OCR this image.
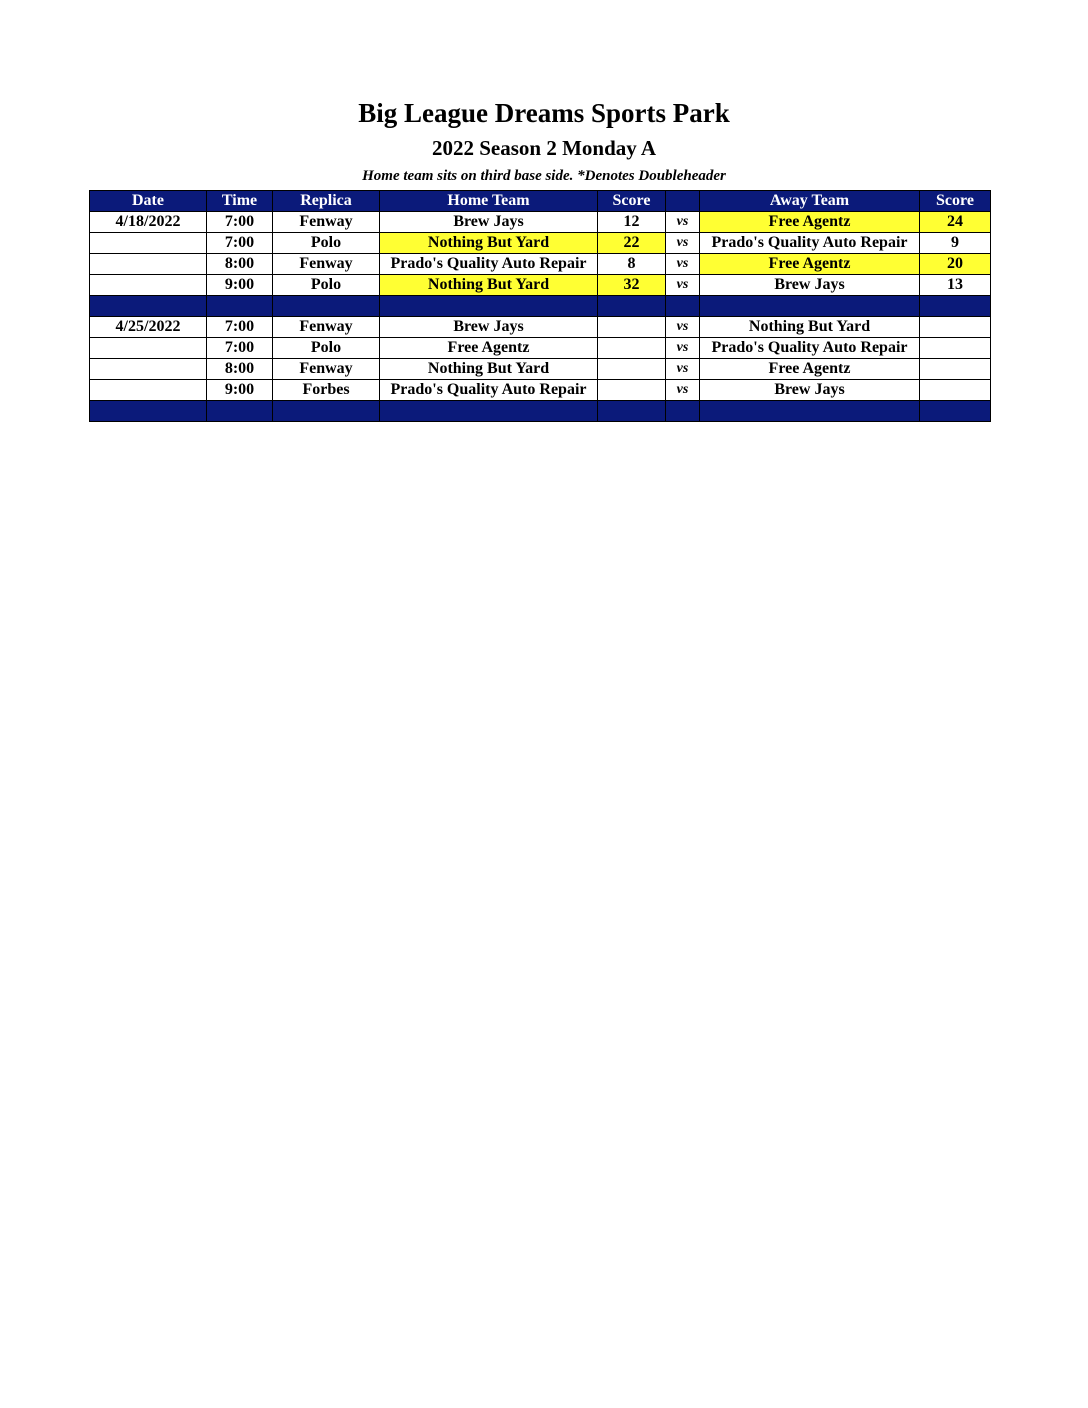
Big League Dreams Sports Park
2022 Season 2 Monday A
Home team sits on third base side. *Denotes Doubleheader
Date	Time	Replica	Home Team	Score		Away Team	Score
4/18/2022	7:00	Fenway	Brew Jays	12	vs	Free Agentz	24
	7:00	Polo	Nothing But Yard	22	vs	Prado's Quality Auto Repair	9
	8:00	Fenway	Prado's Quality Auto Repair	8	vs	Free Agentz	20
	9:00	Polo	Nothing But Yard	32	vs	Brew Jays	13

4/25/2022	7:00	Fenway	Brew Jays		vs	Nothing But Yard	
	7:00	Polo	Free Agentz		vs	Prado's Quality Auto Repair	
	8:00	Fenway	Nothing But Yard		vs	Free Agentz	
	9:00	Forbes	Prado's Quality Auto Repair		vs	Brew Jays	
